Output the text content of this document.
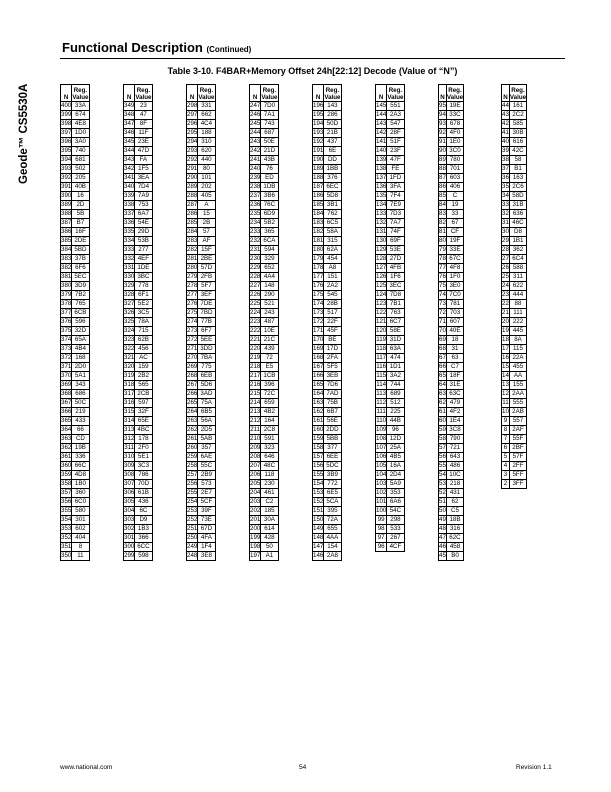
Geode™ CS5530A
Functional Description (Continued)
Table 3-10. F4BAR+Memory Offset 24h[22:12] Decode (Value of “N”)
N	Reg.
Value

400	33A
399	674
398	4E8
397	1D0
396	3A0
395	740
394	681
393	502
392	205
391	40B
390	16
389	2D
388	5B
387	B7
386	16F
385	2DE
384	5BD
383	37B
382	6F6
381	5EC
380	3D9
379	7B2
378	765
377	6CB
376	596
375	32D
374	65A
373	4B4
372	168
371	2D0
370	5A1
369	343
368	686
367	50C
366	219
365	433
364	66
363	CD
362	19B
361	336
360	66C
359	4D8
358	1B0
357	360
356	6C0
355	580
354	301
353	602
352	404
351	8
350	11
N	Reg.
Value

349	23
348	47
347	8F
346	11F
345	23E
344	47D
343	FA
342	1F5
341	3EA
340	7D4
339	7A9
338	753
337	6A7
336	54E
335	29D
334	53B
333	277
332	4EF
331	1DE
330	3BC
329	778
328	6F1
327	5E2
326	3C5
325	78A
324	715
323	62B
322	456
321	AC
320	159
319	2B2
318	565
317	2CB
316	597
315	32F
314	65E
313	4BC
312	178
311	2F0
310	5E1
309	3C3
308	786
307	70D
306	61B
305	436
304	6C
303	D9
302	1B3
301	366
300	6CC
299	598
N	Reg.
Value

298	331
297	662
296	4C4
295	188
294	310
293	620
292	440
291	80
290	101
289	202
288	405
287	A
286	15
285	2B
284	57
283	AF
282	15F
281	2BE
280	57D
279	2FB
278	5F7
277	3EF
276	7DE
275	7BD
274	77B
273	6F7
272	5EE
271	3DD
270	7BA
269	775
268	6EB
267	5D6
266	3AD
265	75A
264	6B5
263	56A
262	2D5
261	5AB
260	357
259	6AE
258	55C
257	2B9
256	573
255	2E7
254	5CF
253	39F
252	73E
251	67D
250	4FA
249	1F4
248	3E8
N	Reg.
Value

247	7D0
246	7A1
245	743
244	687
243	50E
242	21D
241	43B
240	76
239	ED
238	1DB
237	3B6
236	76C
235	6D9
234	5B2
233	365
232	6CA
231	594
230	329
229	652
228	4A4
227	148
226	290
225	521
224	243
223	487
222	10E
221	21C
220	439
219	72
218	E5
217	1CB
216	396
215	72C
214	659
213	4B2
212	164
211	2C8
210	591
209	323
208	646
207	48C
206	118
205	230
204	461
203	C2
202	185
201	30A
200	614
199	428
198	50
197	A1
N	Reg.
Value

196	143
195	286
194	50D
193	21B
192	437
191	6E
190	DD
189	1BB
188	376
187	6EC
186	5D8
185	3B1
184	762
183	6C5
182	58A
181	315
180	62A
179	454
178	A8
177	151
176	2A2
175	545
174	28B
173	517
172	22F
171	45F
170	BE
169	17D
168	2FA
167	5F5
166	3EB
165	7D6
164	7AD
163	75B
162	6B7
161	56E
160	2DD
159	5BB
158	377
157	6EE
156	5DC
155	3B9
154	772
153	6E5
152	5CA
151	395
150	72A
149	655
148	4AA
147	154
146	2A8
N	Reg.
Value

145	551
144	2A3
143	547
142	28F
141	51F
140	23F
139	47F
138	FE
137	1FD
136	3FA
135	7F4
134	7E9
133	7D3
132	7A7
131	74F
130	69F
129	53E
128	27D
127	4FB
126	1F6
125	3EC
124	7D8
123	7B1
122	763
121	6C7
120	58E
119	31D
118	63A
117	474
116	1D1
115	3A2
114	744
113	689
112	512
111	225
110	44B
109	96
108	12D
107	25A
106	4B5
105	16A
104	2D4
103	5A9
102	353
101	6A6
100	54C
99	298
98	533
97	267
96	4CF
N	Reg.
Value

95	19E
94	33C
93	678
92	4F0
91	1E0
90	3C0
89	780
88	701
87	603
86	406
85	C
84	19
83	33
82	67
81	CF
80	19F
79	33E
78	67C
77	4F8
76	1F0
75	3E0
74	7C0
73	781
72	703
71	607
70	40E
69	18
68	31
67	63
66	C7
65	18F
64	31E
63	63C
62	479
61	4F2
60	1E4
59	3C8
58	790
57	721
56	643
55	486
54	10C
53	218
52	431
51	62
50	C5
49	18B
48	316
47	62C
46	458
45	B0
N	Reg.
Value

44	161
43	2C2
42	585
41	30B
40	616
39	42C
38	58
37	B1
36	163
35	2C6
34	58D
33	31B
32	636
31	46C
30	D8
29	1B1
28	362
27	6C4
26	588
25	311
24	622
23	444
22	88
21	111
20	222
19	445
18	8A
17	115
16	22A
15	455
14	AA
13	155
12	2AA
11	555
10	2AB
9	557
8	2AF
7	55F
6	2BF
5	57F
4	2FF
3	5FF
2	3FF
www.national.com	54	Revision 1.1
